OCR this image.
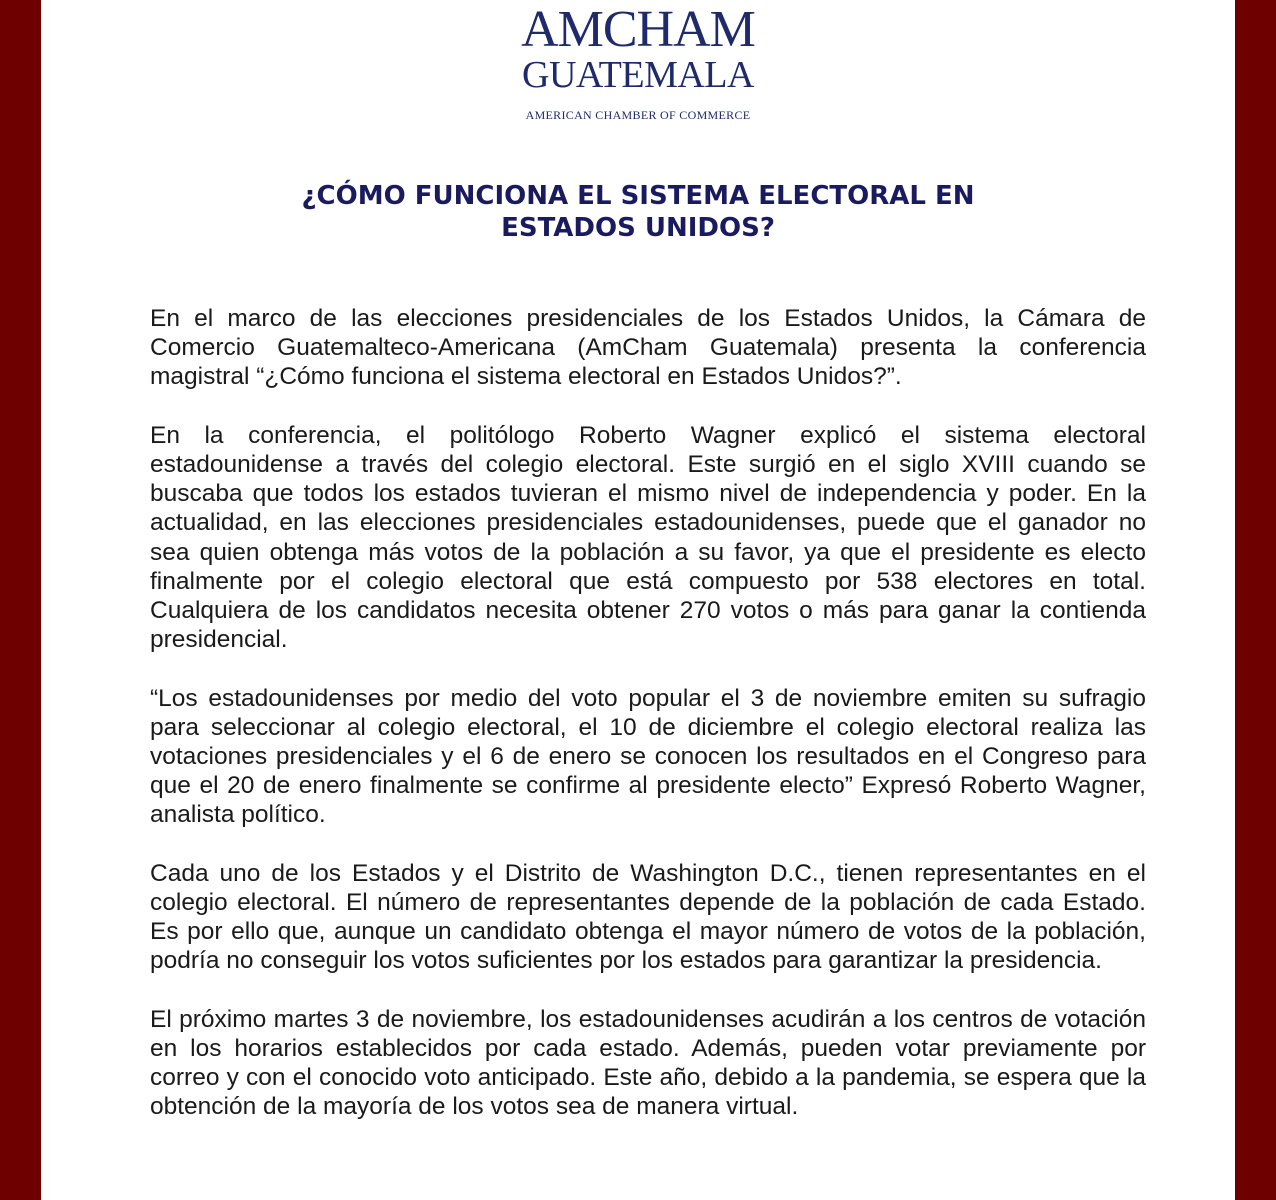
AMCHAM
GUATEMALA
AMERICAN CHAMBER OF COMMERCE
¿CÓMO FUNCIONA EL SISTEMA ELECTORAL EN
ESTADOS UNIDOS?

En el marco de las elecciones presidenciales de los Estados Unidos, la Cámara de Comercio Guatemalteco-Americana (AmCham Guatemala) presenta la conferencia magistral “¿Cómo funciona el sistema electoral en Estados Unidos?”.

En la conferencia, el politólogo Roberto Wagner explicó el sistema electoral estadounidense a través del colegio electoral. Este surgió en el siglo XVIII cuando se buscaba que todos los estados tuvieran el mismo nivel de independencia y poder. En la actualidad, en las elecciones presidenciales estadounidenses, puede que el ganador no sea quien obtenga más votos de la población a su favor, ya que el presidente es electo finalmente por el colegio electoral que está compuesto por 538 electores en total. Cualquiera de los candidatos necesita obtener 270 votos o más para ganar la contienda presidencial.

“Los estadounidenses por medio del voto popular el 3 de noviembre emiten su sufragio para seleccionar al colegio electoral, el 10 de diciembre el colegio electoral realiza las votaciones presidenciales y el 6 de enero se conocen los resultados en el Congreso para que el 20 de enero finalmente se confirme al presidente electo” Expresó Roberto Wagner, analista político.

Cada uno de los Estados y el Distrito de Washington D.C., tienen representantes en el colegio electoral. El número de representantes depende de la población de cada Estado. Es por ello que, aunque un candidato obtenga el mayor número de votos de la población, podría no conseguir los votos suficientes por los estados para garantizar la presidencia.

El próximo martes 3 de noviembre, los estadounidenses acudirán a los centros de votación en los horarios establecidos por cada estado. Además, pueden votar previamente por correo y con el conocido voto anticipado. Este año, debido a la pandemia, se espera que la obtención de la mayoría de los votos sea de manera virtual.
